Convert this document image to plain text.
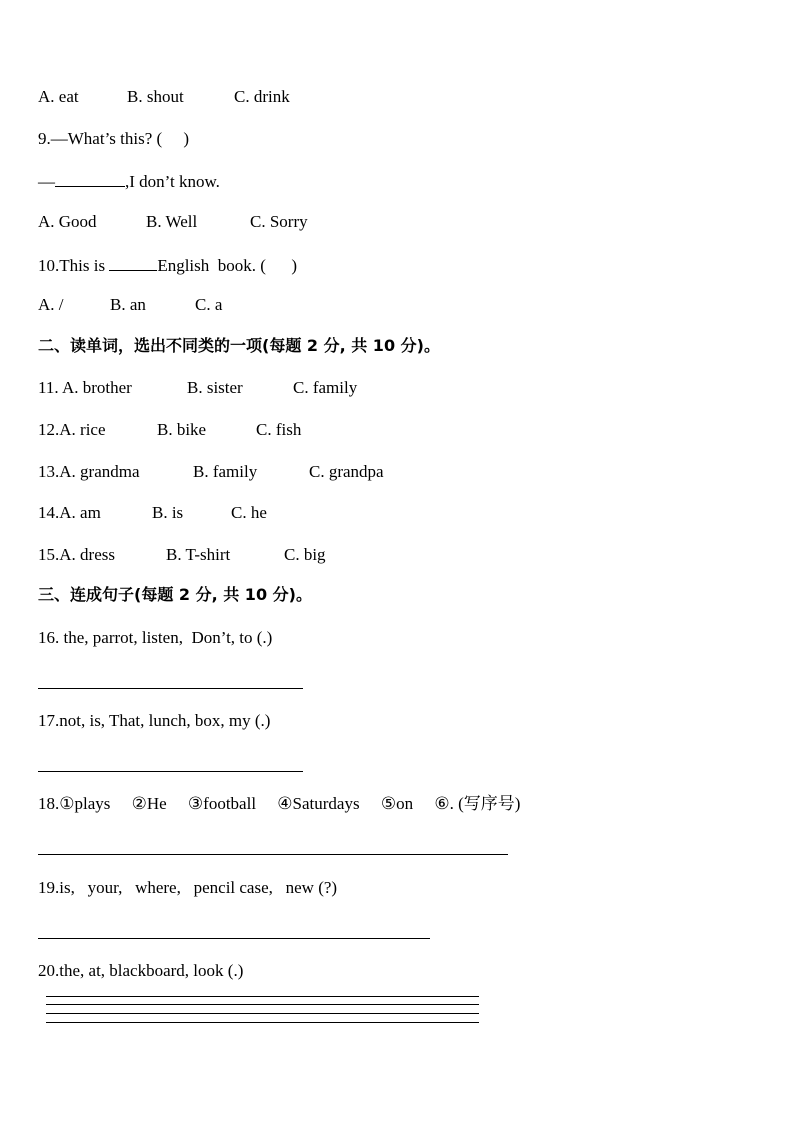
A. eat	B. shout	C. drink
9.—What’s this? (     )
—	,I don’t know.
A. Good	B. Well	C. Sorry
10.This is	English  book. (      )
A. /	B. an	C. a
二、读单词，选出不同类的一项(每题 2 分, 共 10 分)。
11. A. brother	B. sister	C. family
12.A. rice	B. bike	C. fish
13.A. grandma	B. family	C. grandpa
14.A. am	B. is	C. he
15.A. dress	B. T-shirt	C. big
三、连成句子(每题 2 分, 共 10 分)。
16. the, parrot, listen,  Don’t, to (.)
17.not, is, That, lunch, box, my (.)
18.①plays     ②He     ③football     ④Saturdays     ⑤on     ⑥. (写序号)
19.is,   your,   where,   pencil case,   new (?)
20.the, at, blackboard, look (.)
